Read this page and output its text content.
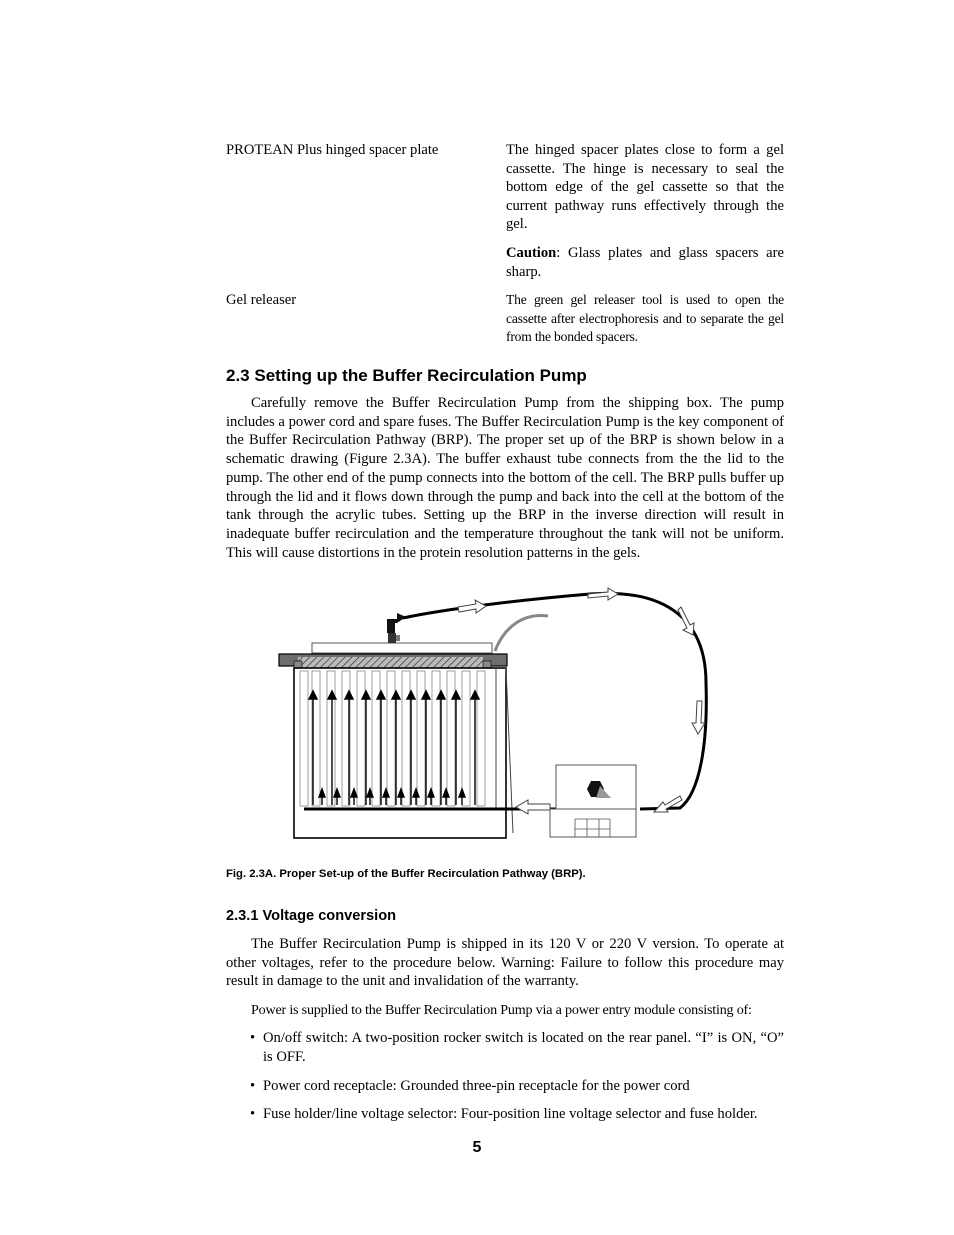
PROTEAN Plus hinged spacer plate	The hinged spacer plates close to form a gel cassette. The hinge is necessary to seal the bottom edge of the gel cassette so that the current pathway runs effectively through the gel.
Caution: Glass plates and glass spacers are sharp.
Gel releaser	The green gel releaser tool is used to open the cassette after electrophoresis and to separate the gel from the bonded spacers.
2.3 Setting up the Buffer Recirculation Pump
Carefully remove the Buffer Recirculation Pump from the shipping box. The pump includes a power cord and spare fuses. The Buffer Recirculation Pump is the key component of the Buffer Recirculation Pathway (BRP). The proper set up of the BRP is shown below in a schematic drawing (Figure 2.3A). The buffer exhaust tube connects from the the lid to the pump. The other end of the pump connects into the bottom of the cell. The BRP pulls buffer up through the lid and it flows down through the pump and back into the cell at the bottom of the tank through the acrylic tubes. Setting up the BRP in the inverse direction will result in inadequate buffer recirculation and the temperature throughout the tank will not be uniform. This will cause distortions in the protein resolution patterns in the gels.
Fig. 2.3A. Proper Set-up of the Buffer Recirculation Pathway (BRP).
2.3.1 Voltage conversion
The Buffer Recirculation Pump is shipped in its 120 V or 220 V version. To operate at other voltages, refer to the procedure below. Warning: Failure to follow this procedure may result in damage to the unit and invalidation of the warranty.
Power is supplied to the Buffer Recirculation Pump via a power entry module consisting of:
• On/off switch: A two-position rocker switch is located on the rear panel. “I” is ON, “O” is OFF.
• Power cord receptacle: Grounded three-pin receptacle for the power cord
• Fuse holder/line voltage selector: Four-position line voltage selector and fuse holder.
5
